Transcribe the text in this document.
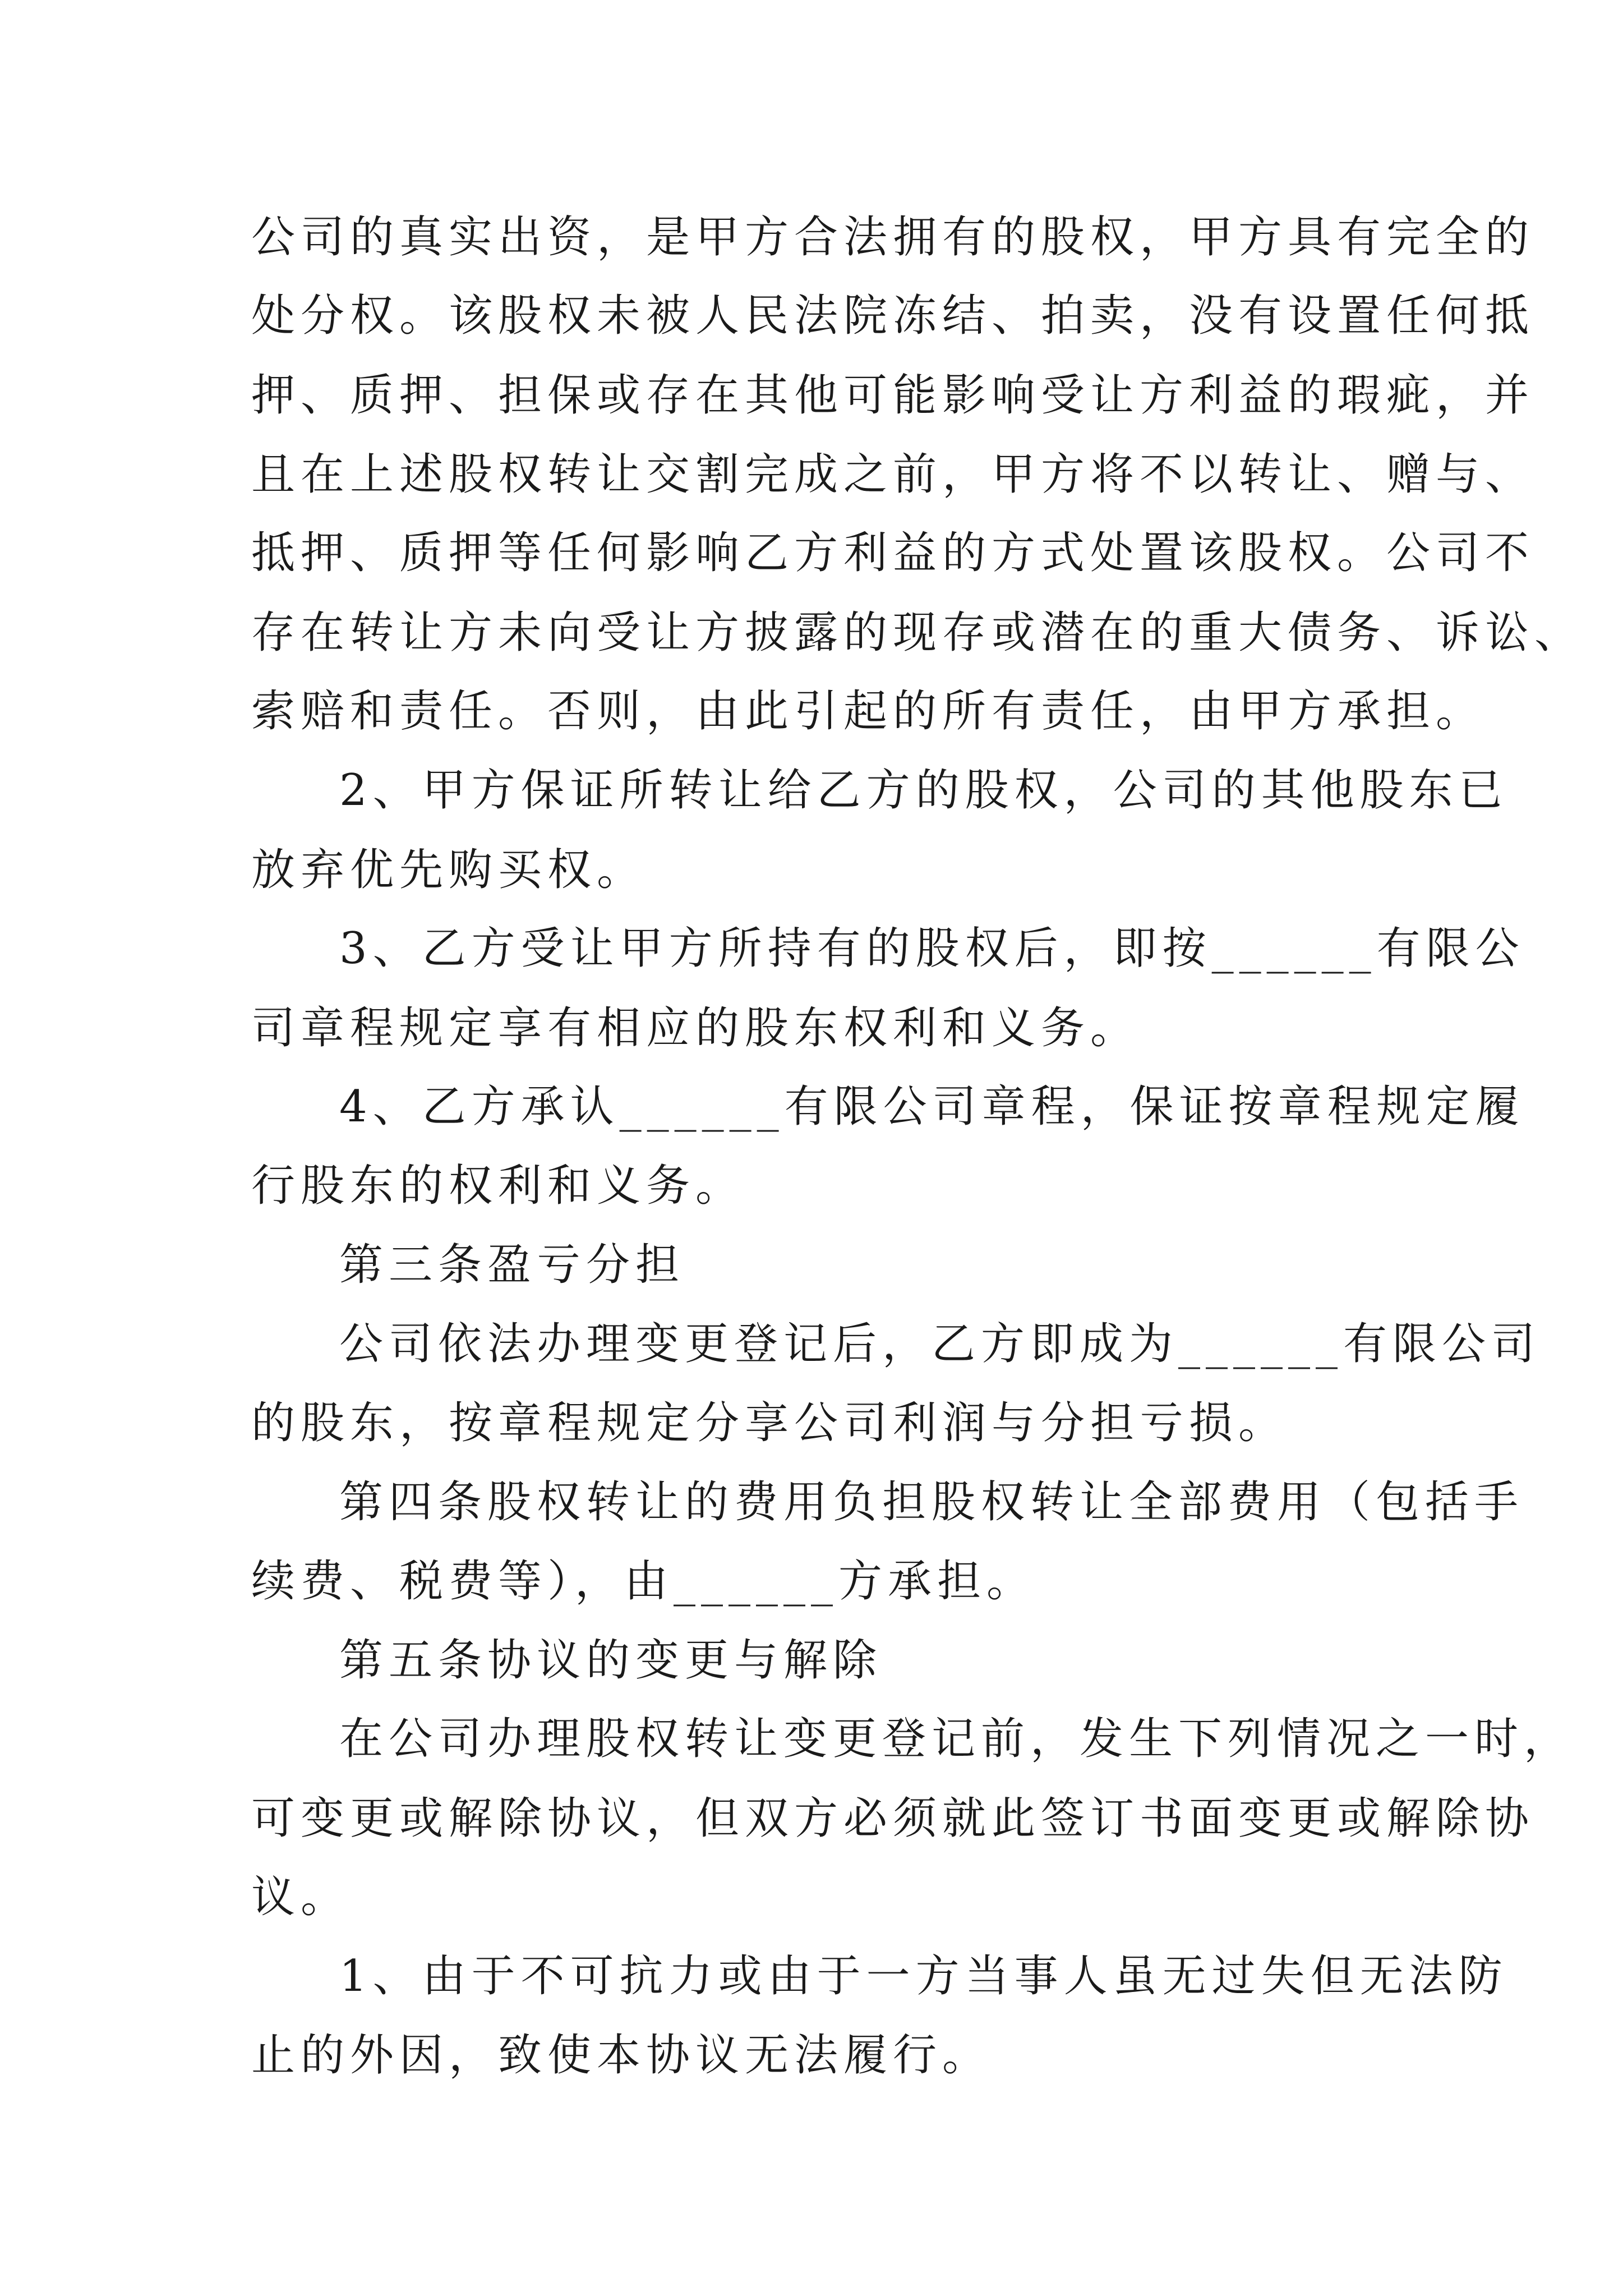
公司的真实出资，是甲方合法拥有的股权，甲方具有完全的
处分权。该股权未被人民法院冻结、拍卖，没有设置任何抵
押、质押、担保或存在其他可能影响受让方利益的瑕疵，并
且在上述股权转让交割完成之前，甲方将不以转让、赠与、
抵押、质押等任何影响乙方利益的方式处置该股权。公司不
存在转让方未向受让方披露的现存或潜在的重大债务、诉讼、
索赔和责任。否则，由此引起的所有责任，由甲方承担。
2、甲方保证所转让给乙方的股权，公司的其他股东已
放弃优先购买权。
3、乙方受让甲方所持有的股权后，即按______有限公
司章程规定享有相应的股东权利和义务。
4、乙方承认______有限公司章程，保证按章程规定履
行股东的权利和义务。
第三条盈亏分担
公司依法办理变更登记后，乙方即成为______有限公司
的股东，按章程规定分享公司利润与分担亏损。
第四条股权转让的费用负担股权转让全部费用（包括手
续费、税费等），由______方承担。
第五条协议的变更与解除
在公司办理股权转让变更登记前，发生下列情况之一时，
可变更或解除协议，但双方必须就此签订书面变更或解除协
议。
1、由于不可抗力或由于一方当事人虽无过失但无法防
止的外因，致使本协议无法履行。
